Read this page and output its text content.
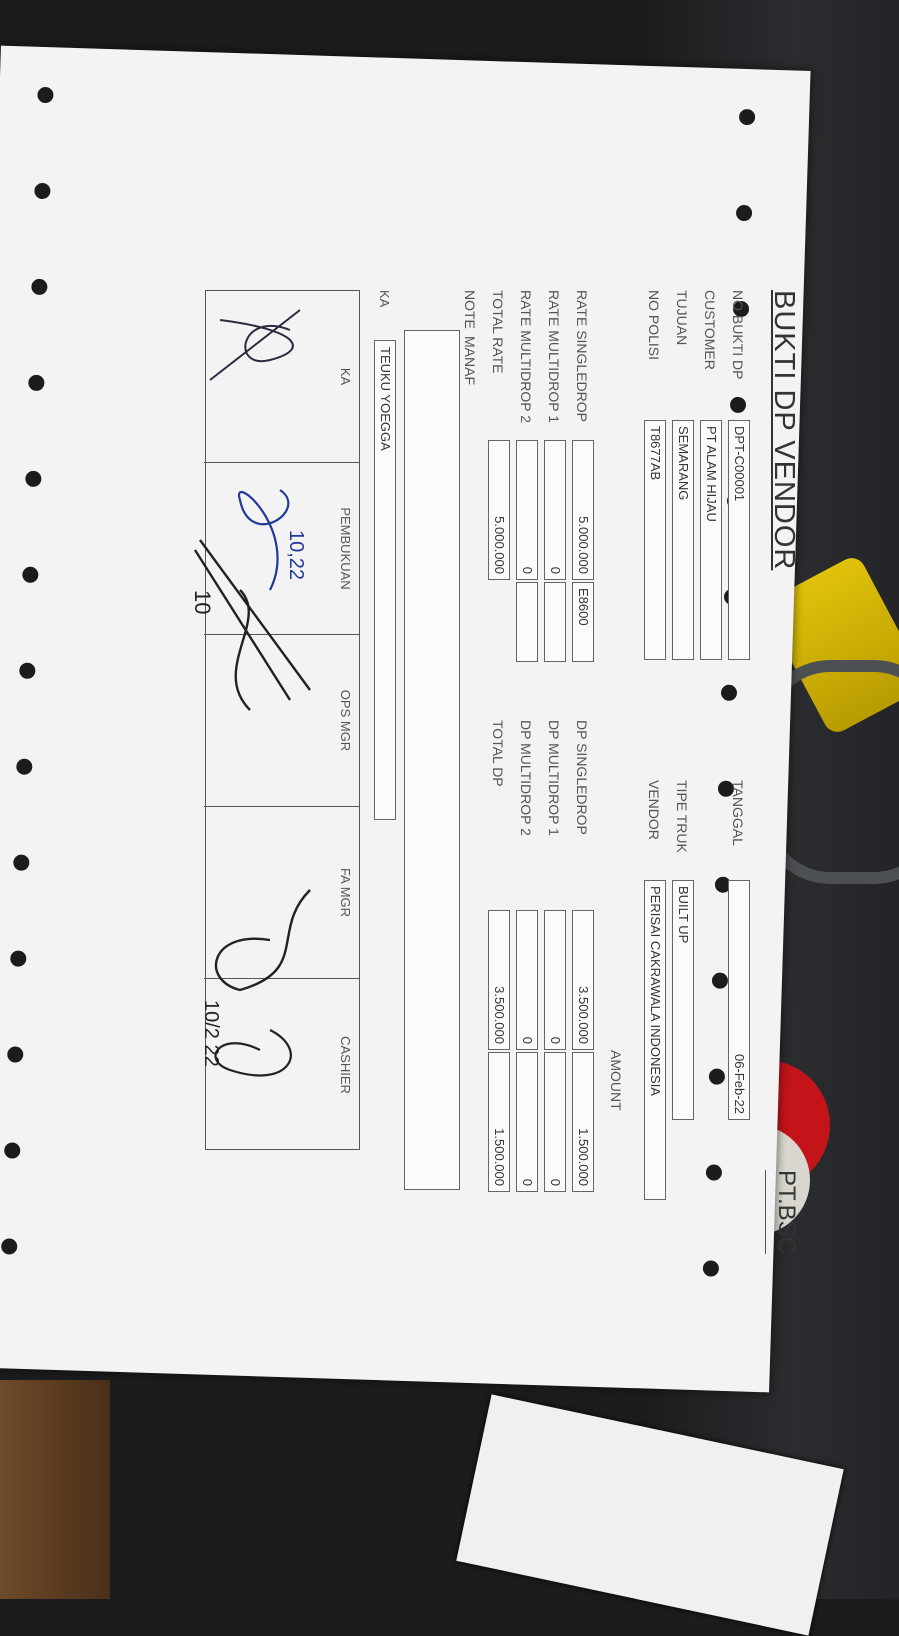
BUKTI DP VENDOR
PT.BSC
NO BUKTI DP
DPT-C00001
TANGGAL
06-Feb-22
CUSTOMER
PT ALAM HIJAU
TUJUAN
SEMARANG
TIPE TRUK
BUILT UP
NO POLISI
T8677AB
VENDOR
PERISAI CAKRAWALA INDONESIA
AMOUNT
RATE SINGLEDROP
5.000.000
E8600
DP SINGLEDROP
3.500.000
1.500.000
RATE MULTIDROP 1
0
DP MULTIDROP 1
0
0
RATE MULTIDROP 2
0
DP MULTIDROP 2
0
0
TOTAL RATE
5.000.000
TOTAL DP
3.500.000
1.500.000
NOTE
MANAF
KA
TEUKU YOEGGA
KA
PEMBUKUAN
OPS MGR
FA MGR
CASHIER
10,22
10
10/2 22
